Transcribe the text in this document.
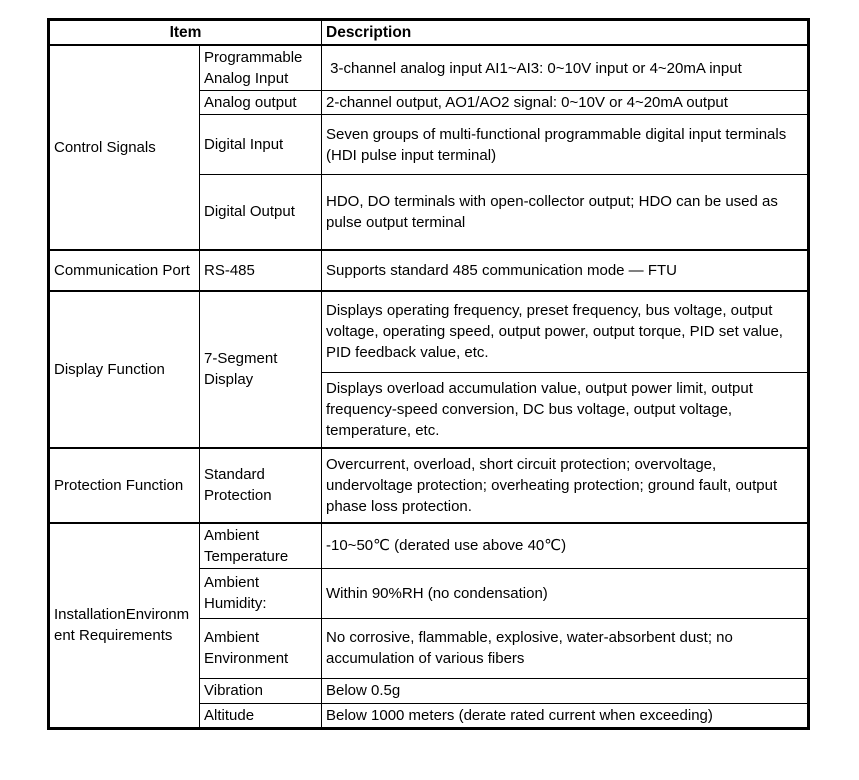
Item		Description
Control Signals	Programmable Analog Input	3-channel analog input AI1~AI3: 0~10V input or 4~20mA input
	Analog output	2-channel output, AO1/AO2 signal: 0~10V or 4~20mA output
	Digital Input	Seven groups of multi-functional programmable digital input terminals (HDI pulse input terminal)
	Digital Output	HDO, DO terminals with open-collector output; HDO can be used as pulse output terminal
Communication Port	RS-485	Supports standard 485 communication mode — FTU
Display Function	7-Segment Display	Displays operating frequency, preset frequency, bus voltage, output voltage, operating speed, output power, output torque, PID set value, PID feedback value, etc.
		Displays overload accumulation value, output power limit, output frequency-speed conversion, DC bus voltage, output voltage, temperature, etc.
Protection Function	Standard Protection	Overcurrent, overload, short circuit protection; overvoltage, undervoltage protection; overheating protection; ground fault, output phase loss protection.
InstallationEnvironment Requirements	Ambient Temperature	-10~50℃ (derated use above 40℃)
	Ambient Humidity:	Within 90%RH (no condensation)
	Ambient Environment	No corrosive, flammable, explosive, water-absorbent dust; no accumulation of various fibers
	Vibration	Below 0.5g
	Altitude	Below 1000 meters (derate rated current when exceeding)
